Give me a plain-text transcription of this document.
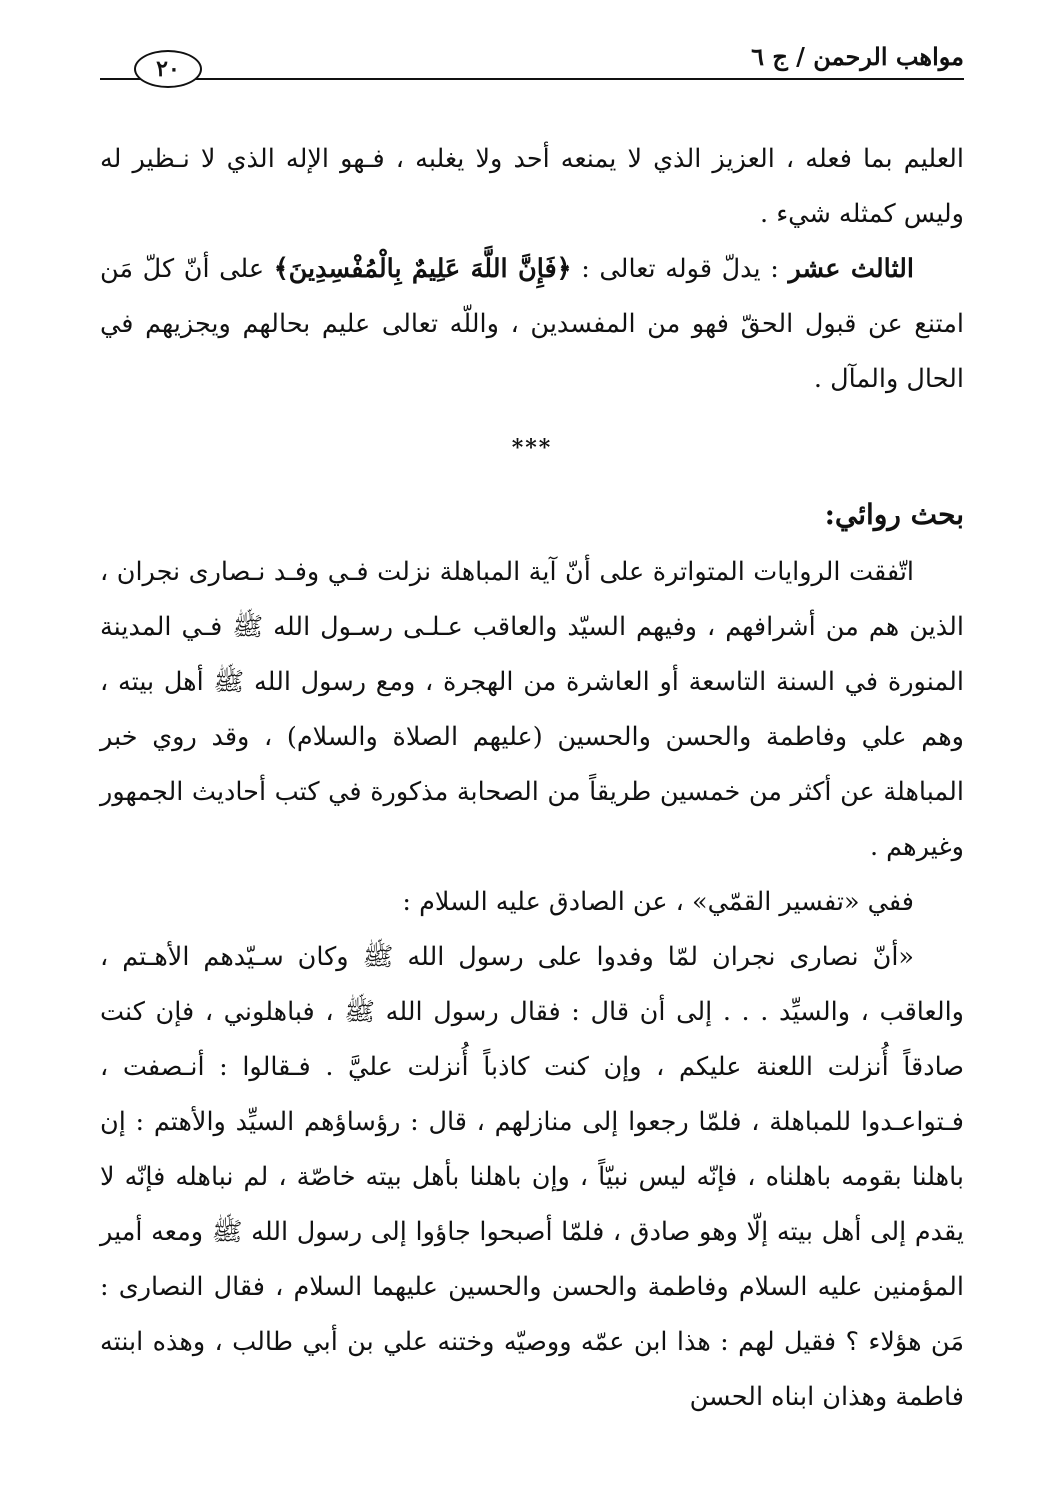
مواهب الرحمن / ج ٦
٢٠

العليم بما فعله ، العزيز الذي لا يمنعه أحد ولا يغلبه ، فـهو الإله الذي لا نـظير له وليس كمثله شيء .

الثالث عشر : يدلّ قوله تعالى : ﴿فَإِنَّ اللَّهَ عَلِيمٌ بِالْمُفْسِدِينَ﴾ على أنّ كلّ مَن امتنع عن قبول الحقّ فهو من المفسدين ، واللّه تعالى عليم بحالهم ويجزيهم في الحال والمآل .

***

بحث روائي:

اتّفقت الروايات المتواترة على أنّ آية المباهلة نزلت فـي وفـد نـصارى نجران ، الذين هم من أشرافهم ، وفيهم السيّد والعاقب عـلـى رسـول الله ﷺ فـي المدينة المنورة في السنة التاسعة أو العاشرة من الهجرة ، ومع رسول الله ﷺ أهل بيته ، وهم علي وفاطمة والحسن والحسين (عليهم الصلاة والسلام) ، وقد روي خبر المباهلة عن أكثر من خمسين طريقاً من الصحابة مذكورة في كتب أحاديث الجمهور وغيرهم .

ففي «تفسير القمّي» ، عن الصادق عليه السلام :

«أنّ نصارى نجران لمّا وفدوا على رسول الله ﷺ وكان سـيّدهم الأهـتم ، والعاقب ، والسيِّد . . . إلى أن قال : فقال رسول الله ﷺ ، فباهلوني ، فإن كنت صادقاً أُنزلت اللعنة عليكم ، وإن كنت كاذباً أُنزلت عليَّ . فـقالوا : أنـصفت ، فـتواعـدوا للمباهلة ، فلمّا رجعوا إلى منازلهم ، قال : رؤساؤهم السيِّد والأهتم : إن باهلنا بقومه باهلناه ، فإنّه ليس نبيّاً ، وإن باهلنا بأهل بيته خاصّة ، لم نباهله فإنّه لا يقدم إلى أهل بيته إلّا وهو صادق ، فلمّا أصبحوا جاؤوا إلى رسول الله ﷺ ومعه أمير المؤمنين عليه السلام وفاطمة والحسن والحسين عليهما السلام ، فقال النصارى : مَن هؤلاء ؟ فقيل لهم : هذا ابن عمّه ووصيّه وختنه علي بن أبي طالب ، وهذه ابنته فاطمة وهذان ابناه الحسن
